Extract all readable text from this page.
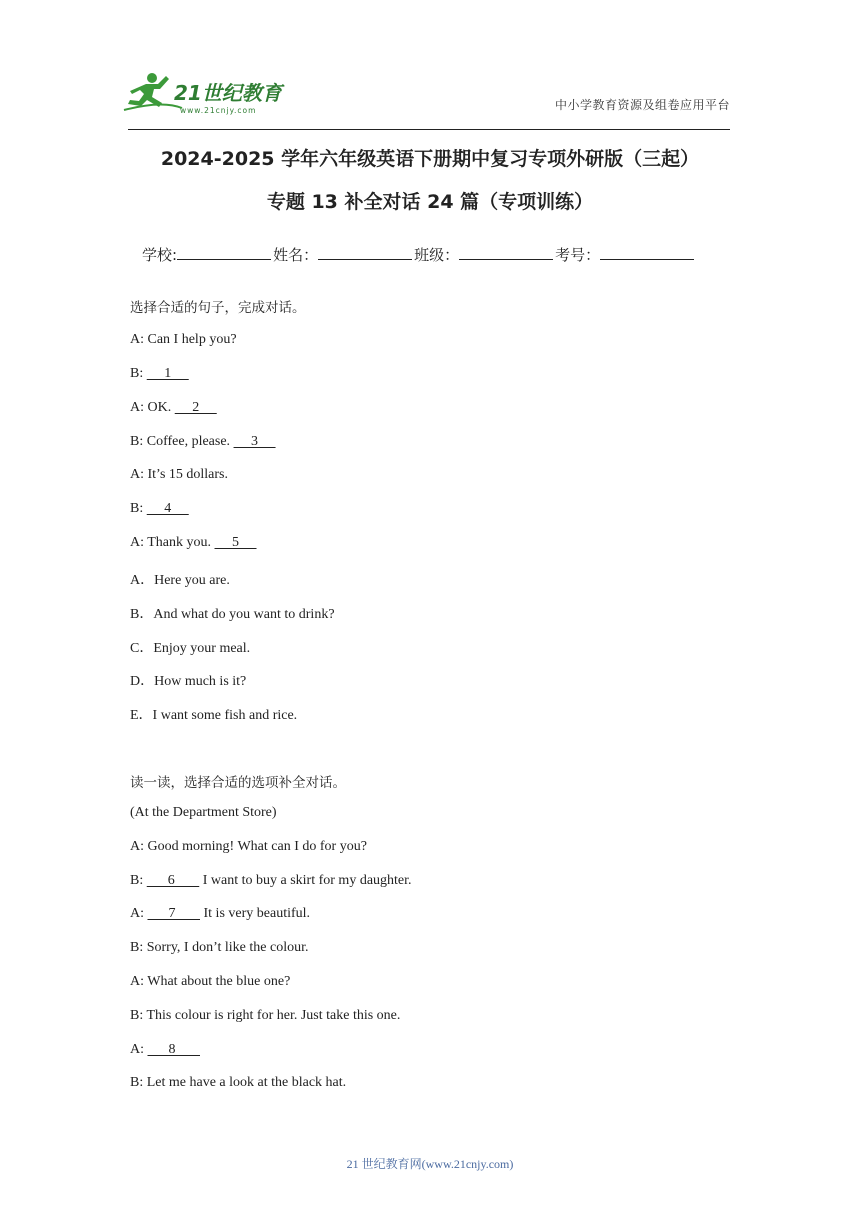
21世纪教育
www.21cnjy.com	中小学教育资源及组卷应用平台
2024-2025 学年六年级英语下册期中复习专项外研版（三起）
专题 13 补全对话 24 篇（专项训练）
学校:	姓名：	班级：	考号：
选择合适的句子，完成对话。
A: Can I help you?
B:      1
A: OK.      2
B: Coffee, please.      3
A: It’s 15 dollars.
B:      4
A: Thank you.      5
A．Here you are.
B．And what do you want to drink?
C．Enjoy your meal.
D．How much is it?
E．I want some fish and rice.
读一读，选择合适的选项补全对话。
(At the Department Store)
A: Good morning! What can I do for you?
B:       6        I want to buy a skirt for my daughter.
A:       7        It is very beautiful.
B: Sorry, I don’t like the colour.
A: What about the blue one?
B: This colour is right for her. Just take this one.
A:       8
B: Let me have a look at the black hat.
21 世纪教育网(www.21cnjy.com)
